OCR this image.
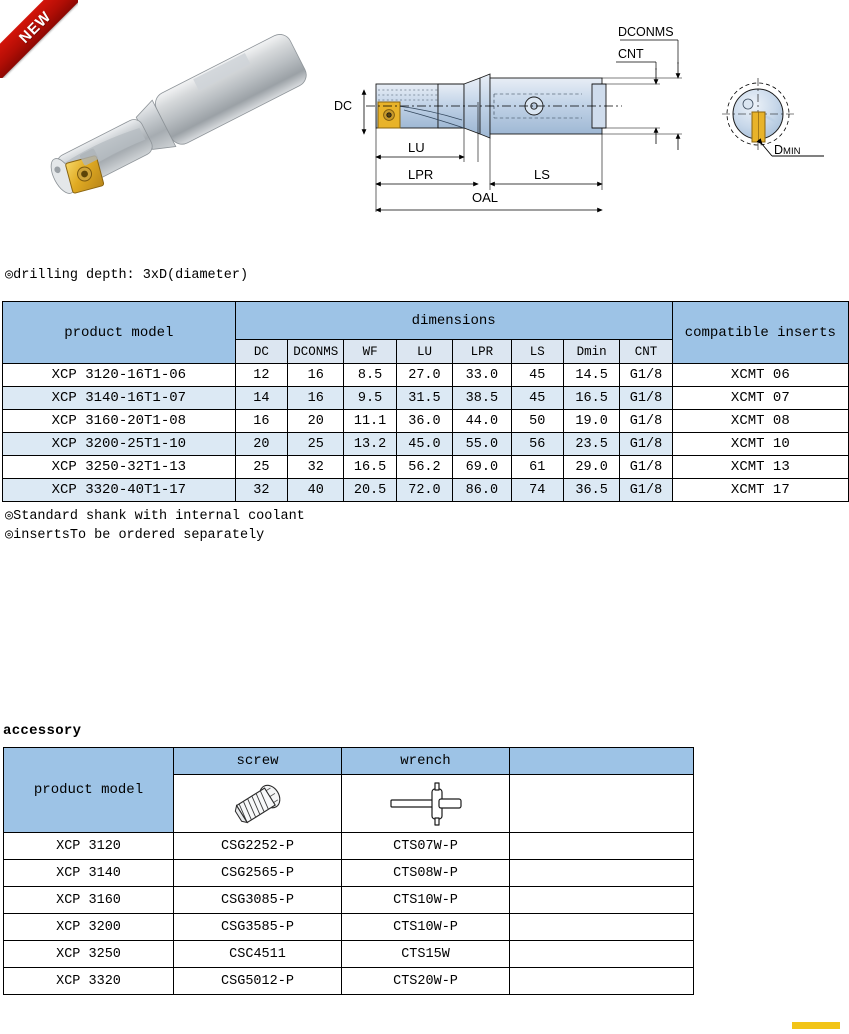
NEW
DC
LU
LPR	LS
OAL
DCONMS
CNT
DMIN
◎drilling depth: 3xD(diameter)
product model	dimensions								compatible inserts
	DC	DCONMS	WF	LU	LPR	LS	Dmin	CNT	
XCP 3120-16T1-06	12	16	8.5	27.0	33.0	45	14.5	G1/8	XCMT 06
XCP 3140-16T1-07	14	16	9.5	31.5	38.5	45	16.5	G1/8	XCMT 07
XCP 3160-20T1-08	16	20	11.1	36.0	44.0	50	19.0	G1/8	XCMT 08
XCP 3200-25T1-10	20	25	13.2	45.0	55.0	56	23.5	G1/8	XCMT 10
XCP 3250-32T1-13	25	32	16.5	56.2	69.0	61	29.0	G1/8	XCMT 13
XCP 3320-40T1-17	32	40	20.5	72.0	86.0	74	36.5	G1/8	XCMT 17
◎Standard shank with internal coolant
◎insertsTo be ordered separately
accessory
product model	screw	wrench	

XCP 3120	CSG2252-P	CTS07W-P	
XCP 3140	CSG2565-P	CTS08W-P	
XCP 3160	CSG3085-P	CTS10W-P	
XCP 3200	CSG3585-P	CTS10W-P	
XCP 3250	CSC4511	CTS15W	
XCP 3320	CSG5012-P	CTS20W-P	
